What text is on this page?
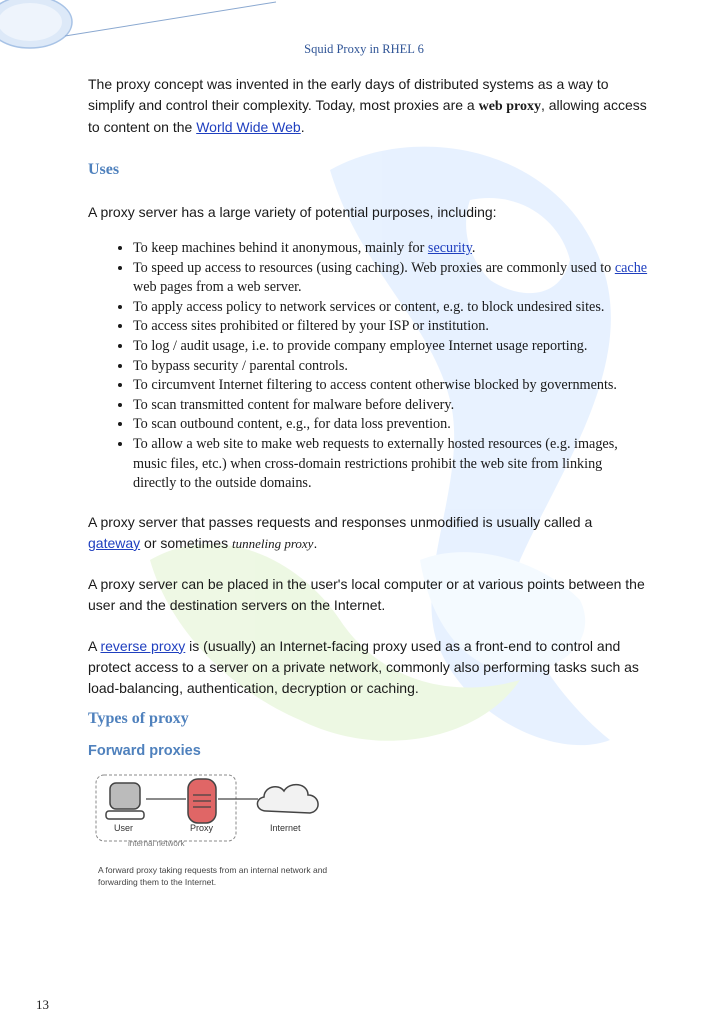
Squid Proxy in RHEL 6

The proxy concept was invented in the early days of distributed systems as a way to simplify and control their complexity. Today, most proxies are a web proxy, allowing access to content on the World Wide Web.

Uses

A proxy server has a large variety of potential purposes, including:

• To keep machines behind it anonymous, mainly for security.
• To speed up access to resources (using caching). Web proxies are commonly used to cache web pages from a web server.
• To apply access policy to network services or content, e.g. to block undesired sites.
• To access sites prohibited or filtered by your ISP or institution.
• To log / audit usage, i.e. to provide company employee Internet usage reporting.
• To bypass security / parental controls.
• To circumvent Internet filtering to access content otherwise blocked by governments.
• To scan transmitted content for malware before delivery.
• To scan outbound content, e.g., for data loss prevention.
• To allow a web site to make web requests to externally hosted resources (e.g. images, music files, etc.) when cross-domain restrictions prohibit the web site from linking directly to the outside domains.

A proxy server that passes requests and responses unmodified is usually called a gateway or sometimes tunneling proxy.

A proxy server can be placed in the user's local computer or at various points between the user and the destination servers on the Internet.

A reverse proxy is (usually) an Internet-facing proxy used as a front-end to control and protect access to a server on a private network, commonly also performing tasks such as load-balancing, authentication, decryption or caching.

Types of proxy
Forward proxies
User	Proxy	Internet
internal network
A forward proxy taking requests from an internal network and forwarding them to the Internet.
13
